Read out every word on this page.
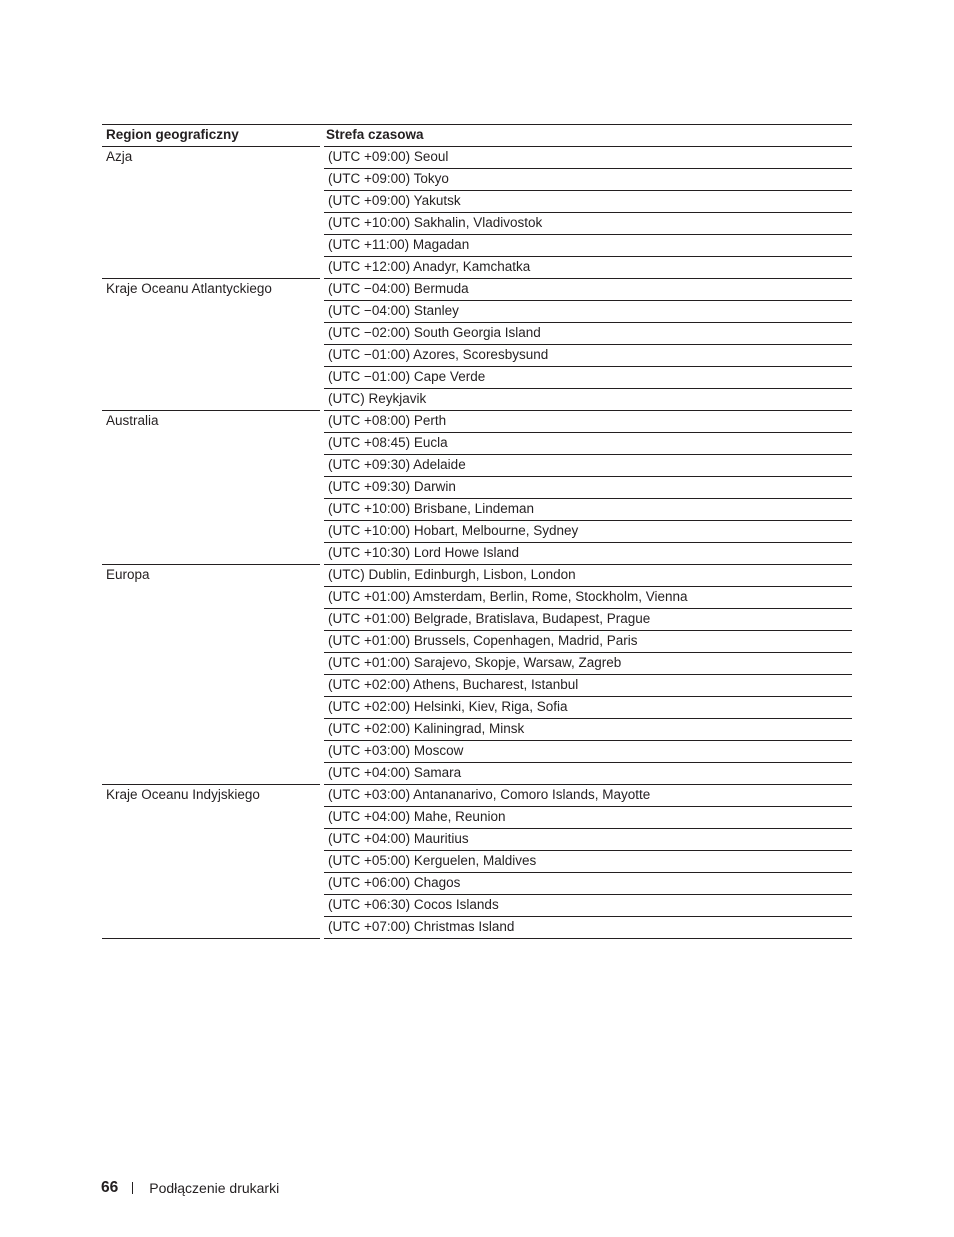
Region geograficzny	Strefa czasowa
Azja	(UTC +09:00) Seoul
	(UTC +09:00) Tokyo
	(UTC +09:00) Yakutsk
	(UTC +10:00) Sakhalin, Vladivostok
	(UTC +11:00) Magadan
	(UTC +12:00) Anadyr, Kamchatka
Kraje Oceanu Atlantyckiego	(UTC −04:00) Bermuda
	(UTC −04:00) Stanley
	(UTC −02:00) South Georgia Island
	(UTC −01:00) Azores, Scoresbysund
	(UTC −01:00) Cape Verde
	(UTC) Reykjavik
Australia	(UTC +08:00) Perth
	(UTC +08:45) Eucla
	(UTC +09:30) Adelaide
	(UTC +09:30) Darwin
	(UTC +10:00) Brisbane, Lindeman
	(UTC +10:00) Hobart, Melbourne, Sydney
	(UTC +10:30) Lord Howe Island
Europa	(UTC) Dublin, Edinburgh, Lisbon, London
	(UTC +01:00) Amsterdam, Berlin, Rome, Stockholm, Vienna
	(UTC +01:00) Belgrade, Bratislava, Budapest, Prague
	(UTC +01:00) Brussels, Copenhagen, Madrid, Paris
	(UTC +01:00) Sarajevo, Skopje, Warsaw, Zagreb
	(UTC +02:00) Athens, Bucharest, Istanbul
	(UTC +02:00) Helsinki, Kiev, Riga, Sofia
	(UTC +02:00) Kaliningrad, Minsk
	(UTC +03:00) Moscow
	(UTC +04:00) Samara
Kraje Oceanu Indyjskiego	(UTC +03:00) Antananarivo, Comoro Islands, Mayotte
	(UTC +04:00) Mahe, Reunion
	(UTC +04:00) Mauritius
	(UTC +05:00) Kerguelen, Maldives
	(UTC +06:00) Chagos
	(UTC +06:30) Cocos Islands
	(UTC +07:00) Christmas Island
66 Podłączenie drukarki
